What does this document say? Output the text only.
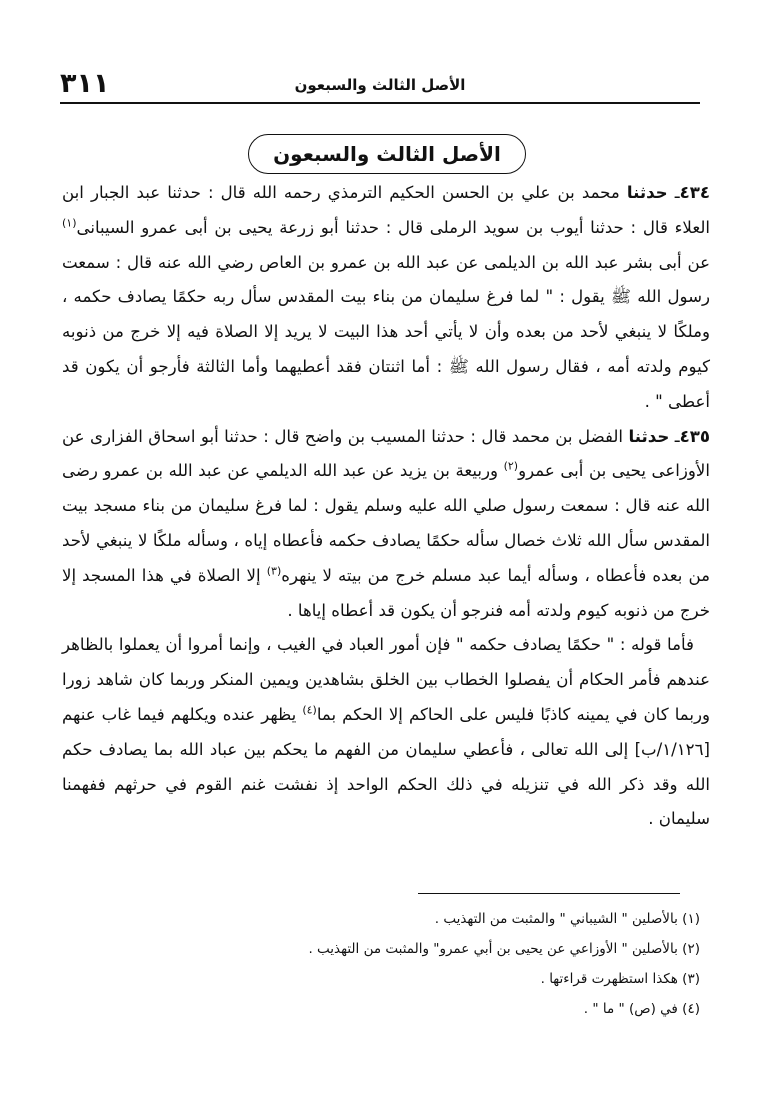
٣١١	الأصل الثالث والسبعون
الأصل الثالث والسبعون

٤٣٤ـ حدثنا محمد بن علي بن الحسن الحكيم الترمذي رحمه الله قال : حدثنا عبد الجبار ابن العلاء قال : حدثنا أيوب بن سويد الرملى قال : حدثنا أبو زرعة يحيى بن أبى عمرو السيبانى$^{(١)}$ عن أبى بشر عبد الله بن الديلمى عن عبد الله بن عمرو بن العاص رضي الله عنه قال : سمعت رسول الله ﷺ يقول : " لما فرغ سليمان من بناء بيت المقدس سأل ربه حكمًا يصادف حكمه ، وملكًا لا ينبغي لأحد من بعده وأن لا يأتي أحد هذا البيت لا يريد إلا الصلاة فيه إلا خرج من ذنوبه كيوم ولدته أمه ، فقال رسول الله ﷺ : أما اثنتان فقد أعطيهما وأما الثالثة فأرجو أن يكون قد أعطى " .

٤٣٥ـ حدثنا الفضل بن محمد قال : حدثنا المسيب بن واضح قال : حدثنا أبو اسحاق الفزارى عن الأوزاعى يحيى بن أبى عمرو$^{(٢)}$ وربيعة بن يزيد عن عبد الله الديلمي عن عبد الله بن عمرو رضى الله عنه قال : سمعت رسول صلي الله عليه وسلم يقول : لما فرغ سليمان من بناء مسجد بيت المقدس سأل الله ثلاث خصال سأله حكمًا يصادف حكمه فأعطاه إياه ، وسأله ملكًا لا ينبغي لأحد من بعده فأعطاه ، وسأله أيما عبد مسلم خرج من بيته لا ينهره$^{(٣)}$ إلا الصلاة في هذا المسجد إلا خرج من ذنوبه كيوم ولدته أمه فنرجو أن يكون قد أعطاه إياها .

فأما قوله : " حكمًا يصادف حكمه " فإن أمور العباد في الغيب ، وإنما أمروا أن يعملوا بالظاهر عندهم فأمر الحكام أن يفصلوا الخطاب بين الخلق بشاهدين ويمين المنكر وربما كان شاهد زورا وربما كان في يمينه كاذبًا فليس على الحاكم إلا الحكم بما$^{(٤)}$ يظهر عنده ويكلهم فيما غاب عنهم [١/١٢٦/ب] إلى الله تعالى ، فأعطي سليمان من الفهم ما يحكم بين عباد الله بما يصادف حكم الله وقد ذكر الله في تنزيله في ذلك الحكم الواحد إذ نفشت غنم القوم في حرثهم ففهمنا سليمان .

(١) بالأصلين " الشيباني " والمثبت من التهذيب .

(٢) بالأصلين " الأوزاعي عن يحيى بن أبي عمرو" والمثبت من التهذيب .

(٣) هكذا استظهرت قراءتها .

(٤) في (ص) " ما " .
